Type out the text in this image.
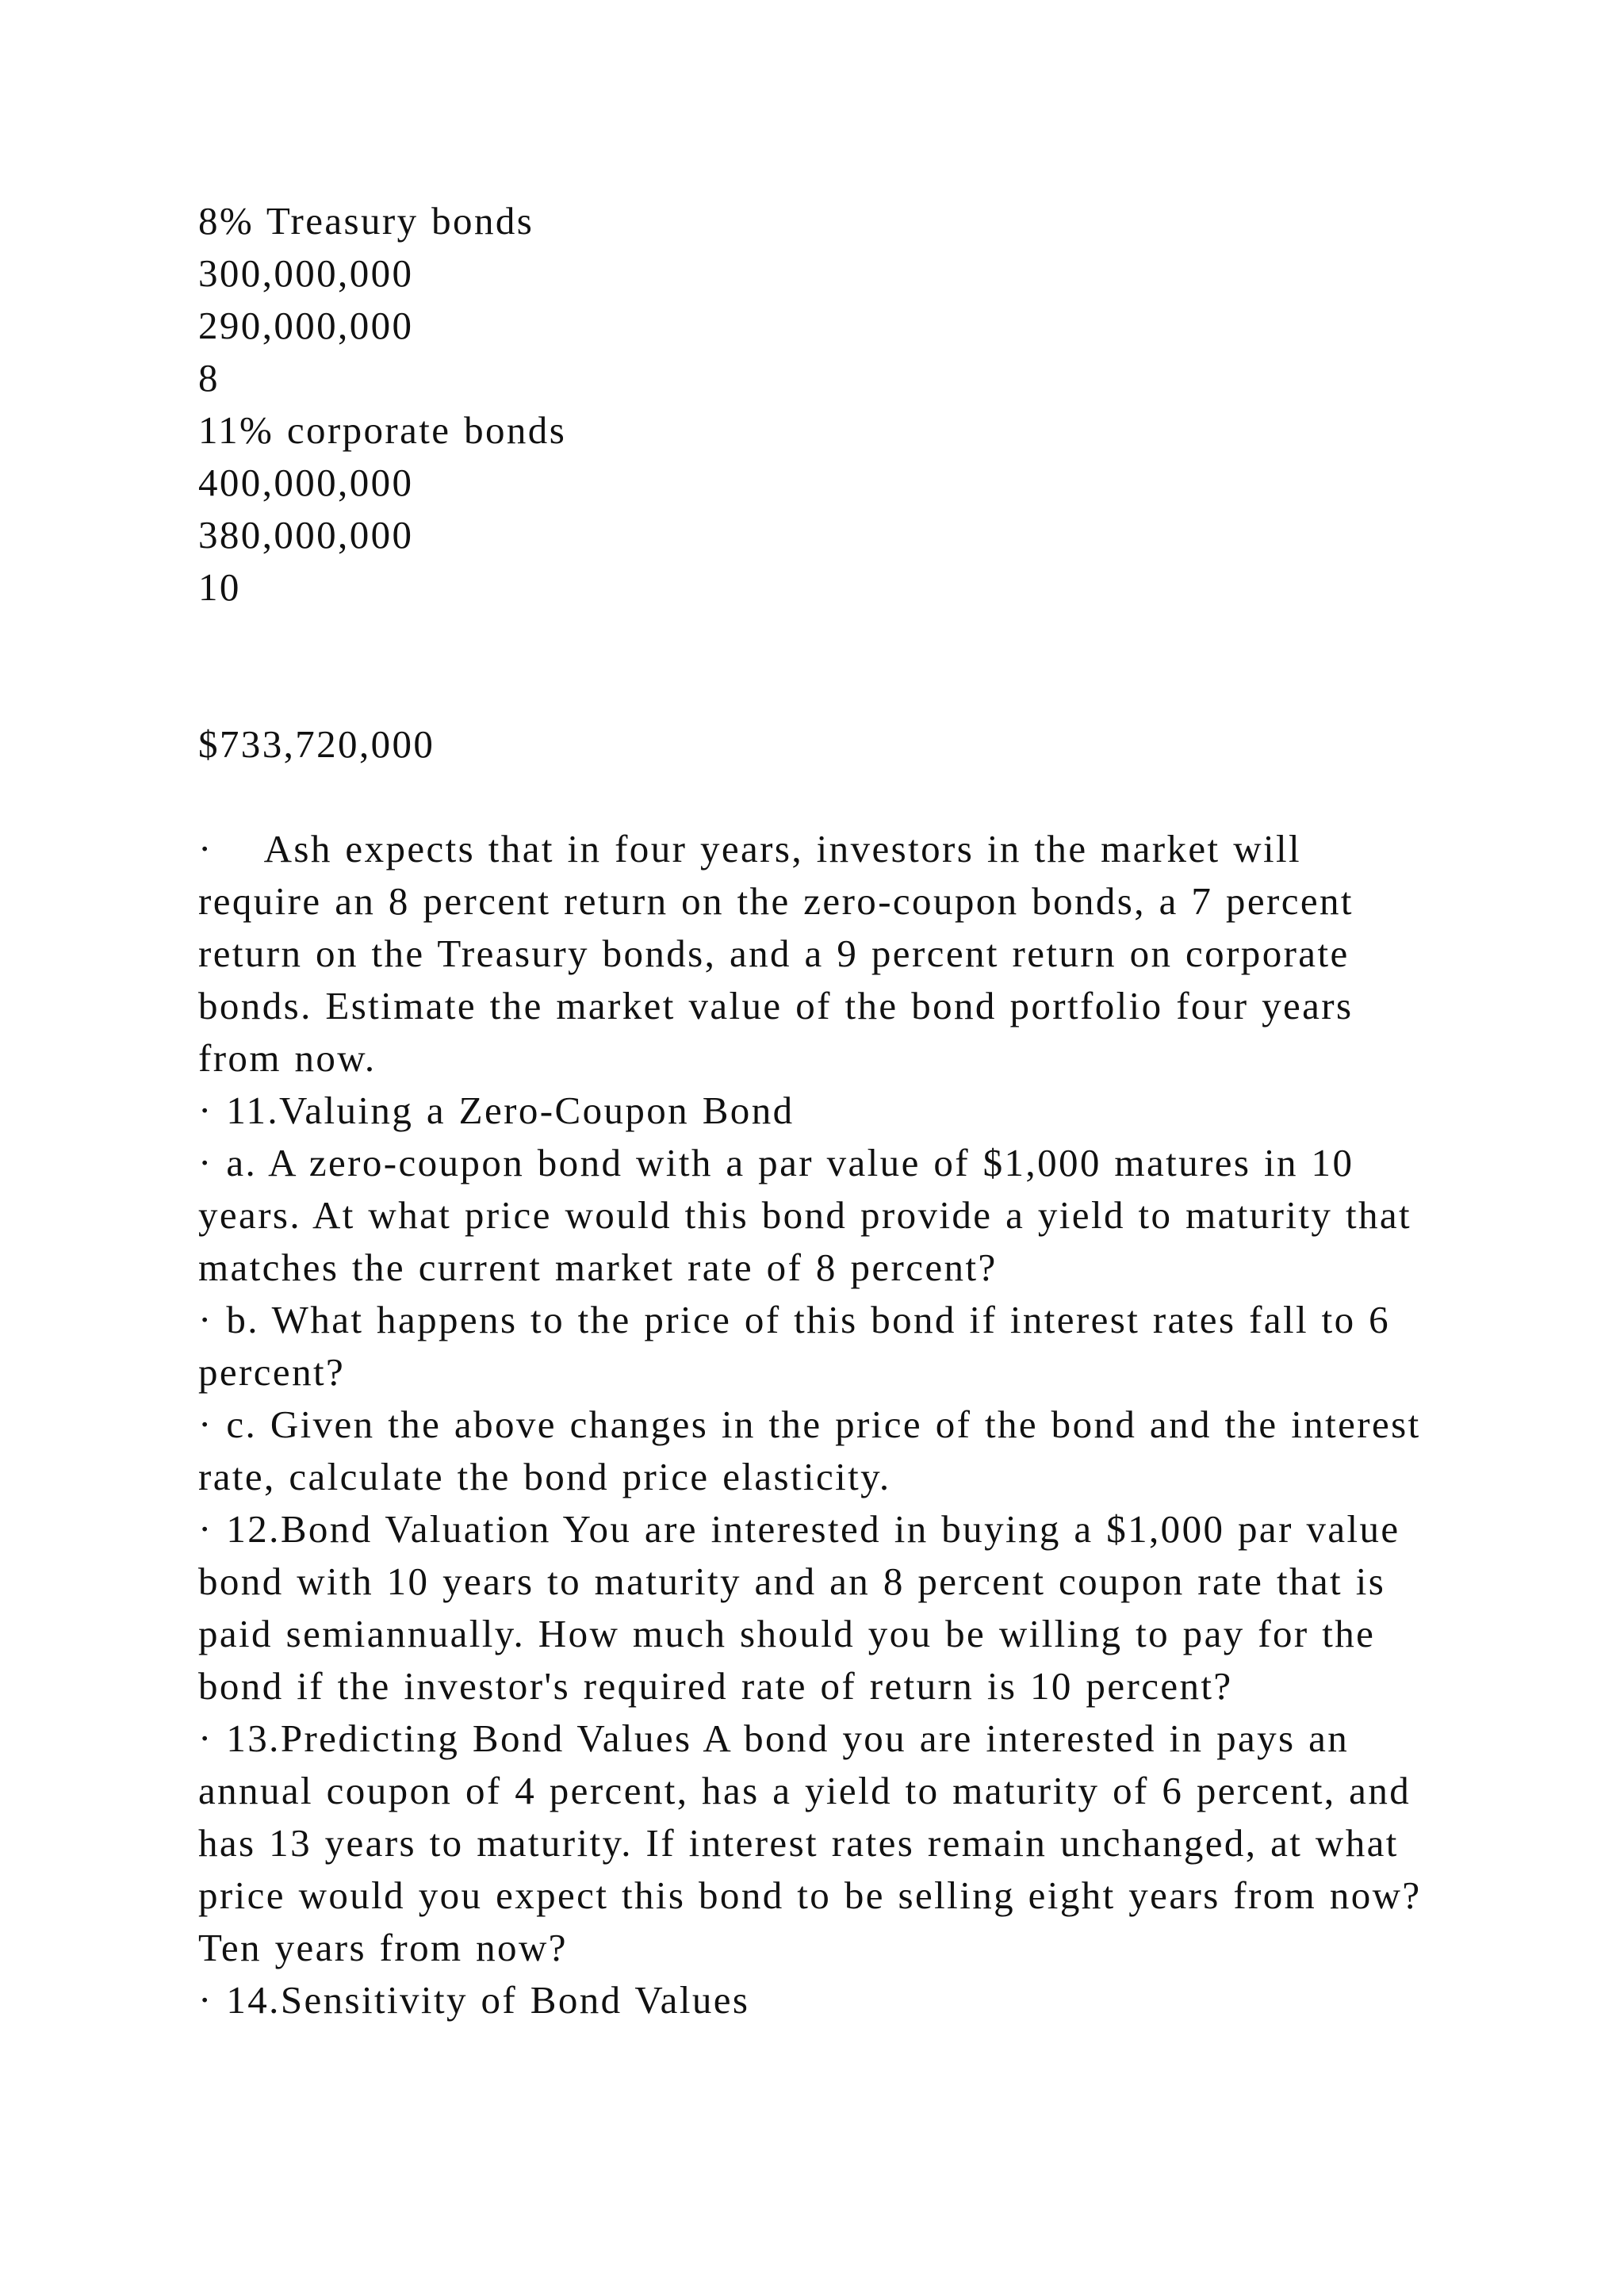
8% Treasury bonds
300,000,000
290,000,000
8
11% corporate bonds
400,000,000
380,000,000
10
$733,720,000
·    Ash expects that in four years, investors in the market will require an 8 percent return on the zero-coupon bonds, a 7 percent return on the Treasury bonds, and a 9 percent return on corporate bonds. Estimate the market value of the bond portfolio four years from now.
· 11.Valuing a Zero-Coupon Bond
· a. A zero-coupon bond with a par value of $1,000 matures in 10 years. At what price would this bond provide a yield to maturity that matches the current market rate of 8 percent?
· b. What happens to the price of this bond if interest rates fall to 6 percent?
· c. Given the above changes in the price of the bond and the interest rate, calculate the bond price elasticity.
· 12.Bond Valuation You are interested in buying a $1,000 par value bond with 10 years to maturity and an 8 percent coupon rate that is paid semiannually. How much should you be willing to pay for the bond if the investor's required rate of return is 10 percent?
· 13.Predicting Bond Values A bond you are interested in pays an annual coupon of 4 percent, has a yield to maturity of 6 percent, and has 13 years to maturity. If interest rates remain unchanged, at what price would you expect this bond to be selling eight years from now? Ten years from now?
· 14.Sensitivity of Bond Values
